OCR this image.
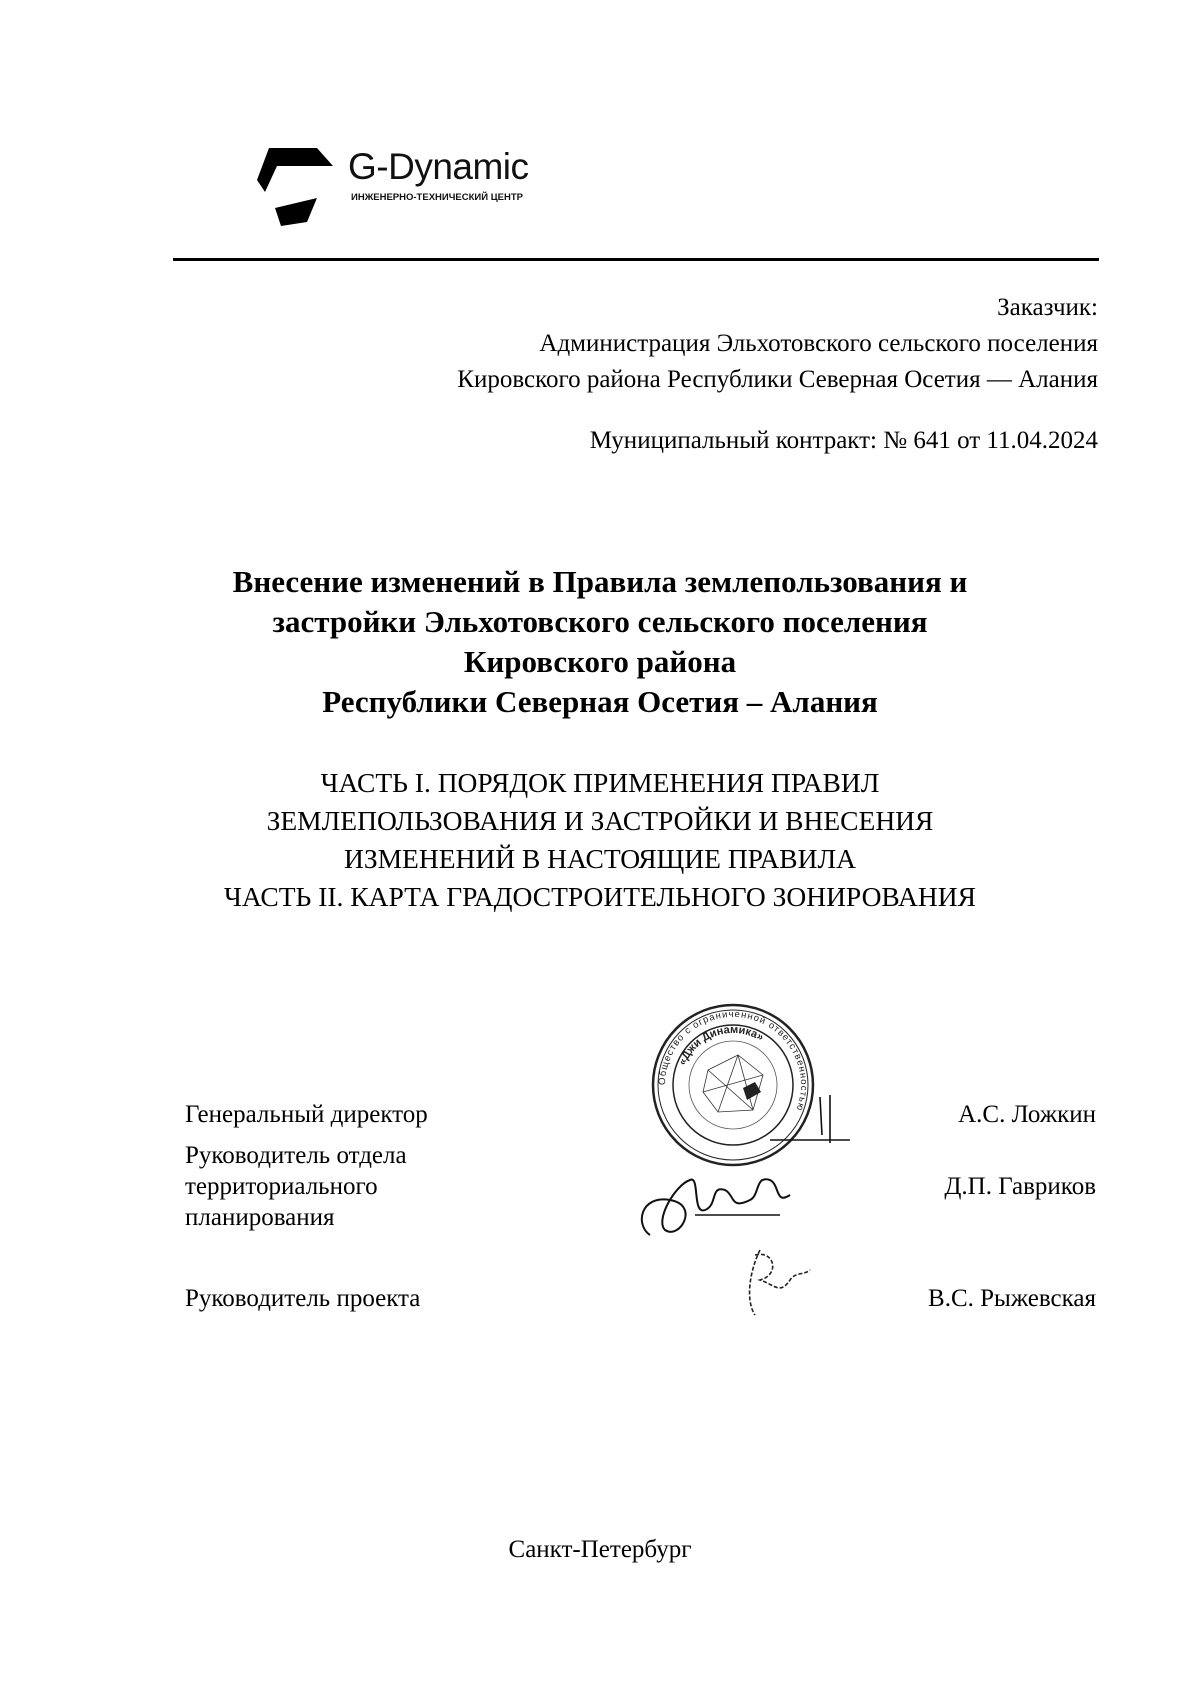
G-Dynamic
ИНЖЕНЕРНО-ТЕХНИЧЕСКИЙ ЦЕНТР
Заказчик:
Администрация Эльхотовского сельского поселения
Кировского района Республики Северная Осетия — Алания
Муниципальный контракт: № 641 от 11.04.2024
Внесение изменений в Правила землепользования и
застройки Эльхотовского сельского поселения
Кировского района
Республики Северная Осетия – Алания
ЧАСТЬ I. ПОРЯДОК ПРИМЕНЕНИЯ ПРАВИЛ
ЗЕМЛЕПОЛЬЗОВАНИЯ И ЗАСТРОЙКИ И ВНЕСЕНИЯ
ИЗМЕНЕНИЙ В НАСТОЯЩИЕ ПРАВИЛА
ЧАСТЬ II. КАРТА ГРАДОСТРОИТЕЛЬНОГО ЗОНИРОВАНИЯ
Общество с ограниченной ответственностью
«Джи Динамика»
Генеральный директор	А.С. Ложкин
Руководитель отдела
территориального
планирования
Д.П. Гавриков
Руководитель проекта	В.С. Рыжевская
Санкт-Петербург
